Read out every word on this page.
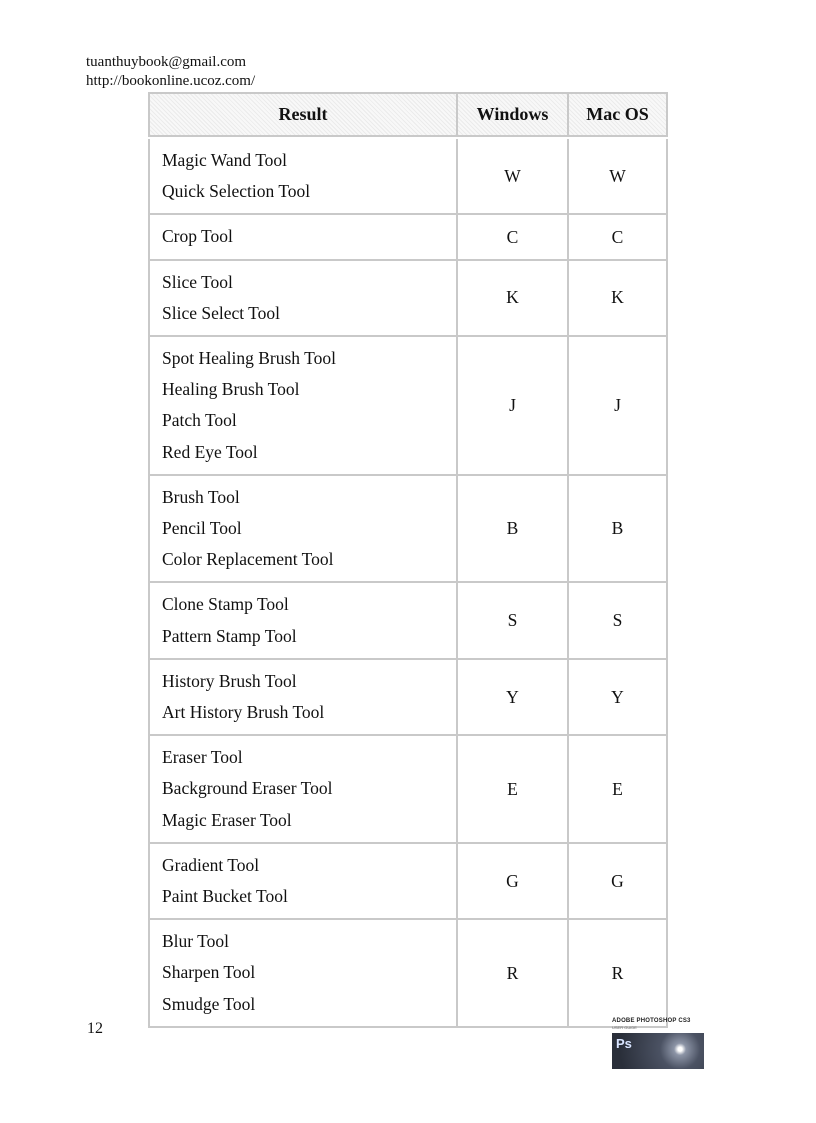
tuanthuybook@gmail.com
http://bookonline.ucoz.com/
Result	Windows	Mac OS

Magic Wand Tool
Quick Selection Tool	W	W

Crop Tool	C	C

Slice Tool
Slice Select Tool	K	K

Spot Healing Brush Tool
Healing Brush Tool
Patch Tool
Red Eye Tool	J	J

Brush Tool
Pencil Tool
Color Replacement Tool	B	B

Clone Stamp Tool
Pattern Stamp Tool	S	S

History Brush Tool
Art History Brush Tool	Y	Y

Eraser Tool
Background Eraser Tool
Magic Eraser Tool	E	E

Gradient Tool
Paint Bucket Tool	G	G

Blur Tool
Sharpen Tool
Smudge Tool	R	R
12	ADOBE PHOTOSHOP CS3
USER GUIDE
Ps
